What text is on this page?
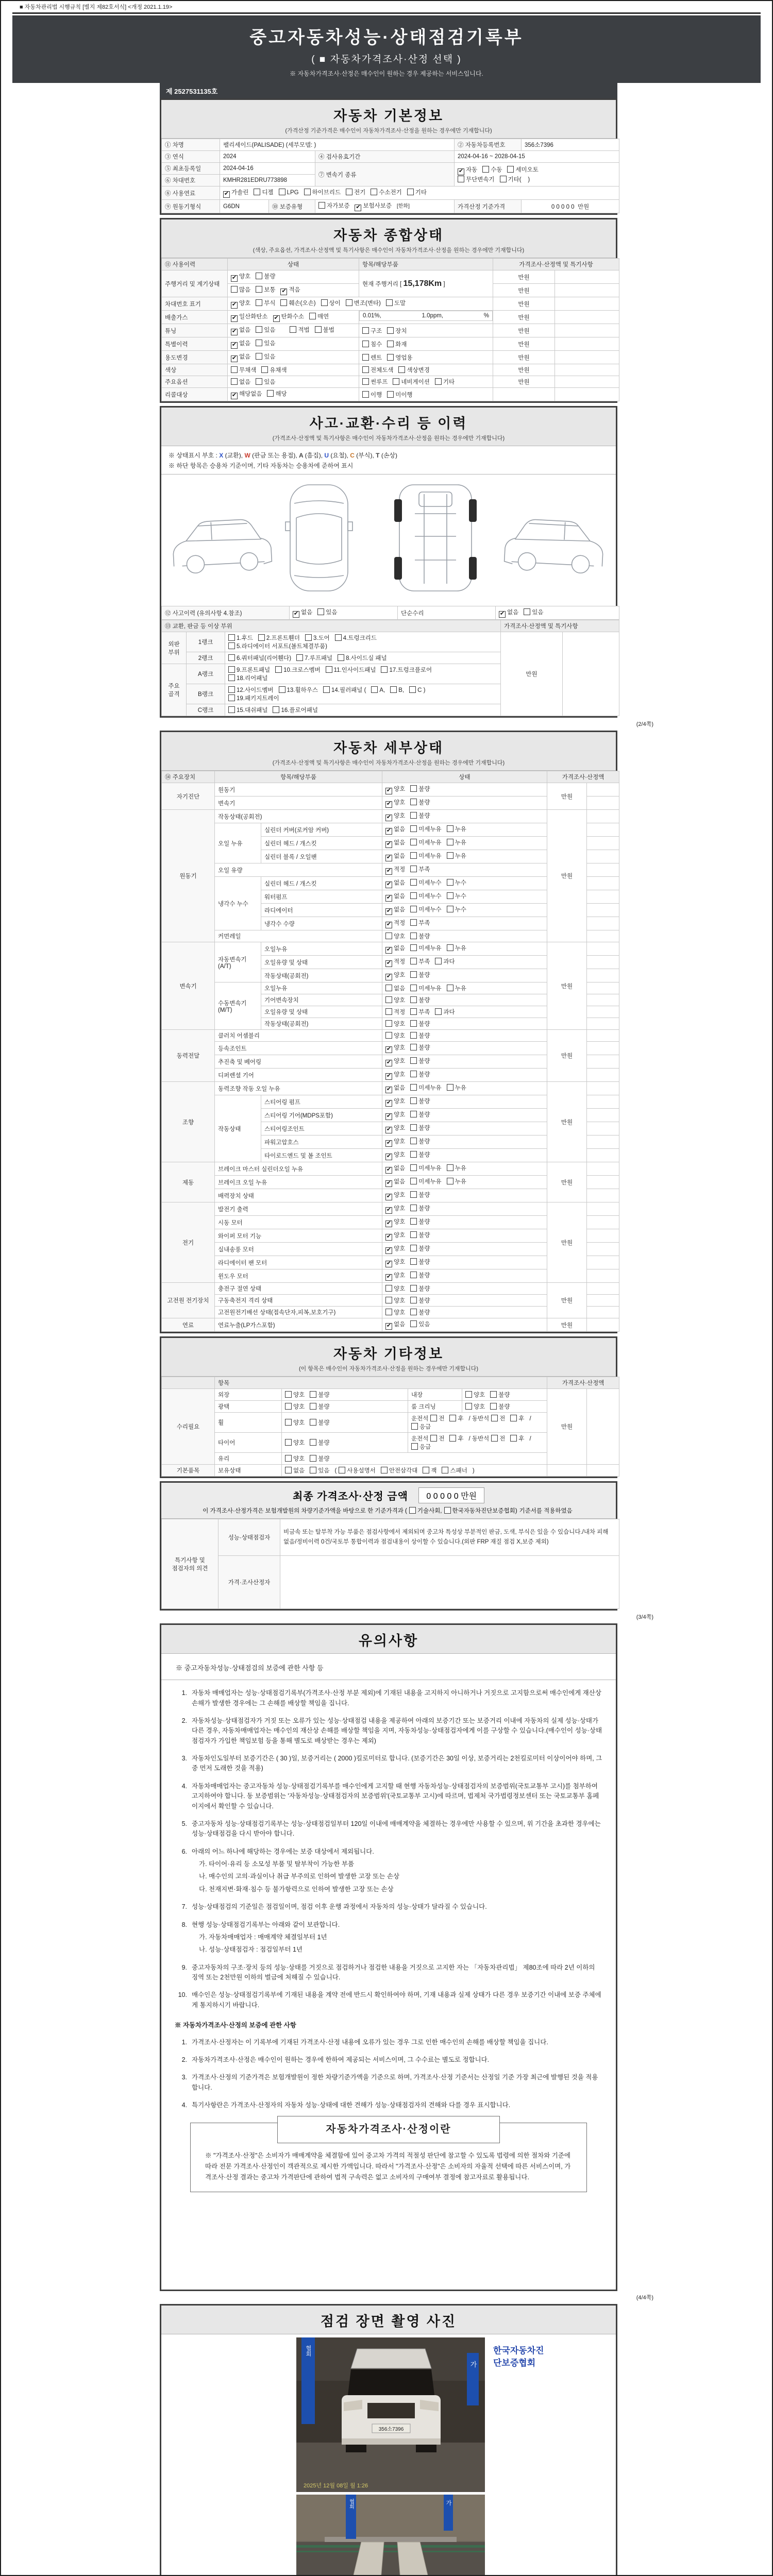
■ 자동차관리법 시행규칙 [별지 제82호서식] <개정 2021.1.19>
중고자동차성능·상태점검기록부
( ■ 자동차가격조사·산정 선택 )
※ 자동차가격조사·산정은 매수인이 원하는 경우 제공하는 서비스입니다.
제 2527531135호
자동차 기본정보
(가격산정 기준가격은 매수인이 자동차가격조사·산정을 원하는 경우에만 기재합니다)
① 차명	팰리세이드(PALISADE) (세부모델: )			② 자동차등록번호	356소7396
③ 연식	2024		④ 검사유효기간	2024-04-16 ~ 2028-04-15	
⑤ 최초등록일	2024-04-16		⑦ 변속기 종류	✔자동 수동 세미오토
무단변속기 기타(    )
⑥ 차대번호	KMHR281EDRU773898				
⑧ 사용연료	✔가솔린 디젤 LPG 하이브리드 전기 수소전기 기타
⑨ 원동기형식	G6DN	⑩ 보증유형	자가보증 ✔ 보험사보증 [한화]	가격산정 기준가격	0 0 0 0 0  만원
자동차 종합상태
(색상, 주요옵션, 가격조사·산정액 및 특기사항은 매수인이 자동차가격조사·산정을 원하는 경우에만 기재합니다)
⑪ 사용이력	상태	항목/해당부품	가격조사·산정액 및 특기사항	
주행거리 및 계기상태	✔양호 불량	현재 주행거리 [ 15,178Km ]	만원	
	많음 보통 ✔ 적음		만원	
차대번호 표기	✔양호 부식 훼손(오손) 상이 변조(변타) 도말		만원	
배출가스	✔일산화탄소 ✔ 탄화수소 매연		0.01%,	1.0ppm,	%	만원	
튜닝	✔없음 있음 적법 불법	구조 장치	만원	
특별이력	✔없음 있음	침수 화재	만원	
용도변경	✔없음 있음	렌트 영업용	만원	
색상	무채색 유채색	전체도색 색상변경	만원	
주요옵션	없음 있음	썬루프 네비게이션 기타	만원	
리콜대상	✔해당없음 해당	이행 미이행		
사고·교환·수리 등 이력
(가격조사·산정액 및 특기사항은 매수인이 자동차가격조사·산정을 원하는 경우에만 기재합니다)
※ 상태표시 부호 : X (교환), W (판금 또는 용접), A (흠집), U (요철), C (부식), T (손상)
※ 하단 항목은 승용차 기준이며, 기타 자동차는 승용차에 준하여 표시
⑫ 사고이력 (유의사항 4.참조)	✔없음 있음	단순수리	✔없음 있음
⑬ 교환, 판금 등 이상 부위			가격조사·산정액 및 특기사항	
외판 부위	1랭크	1.후드 2.프론트휀더 3.도어 4.트렁크리드
5.라디에이터 서포트(볼트체결부품)	만원	
	2랭크	6.쿼터패널(리어휀다) 7.루프패널 8.사이드실 패널		
주요 골격	A랭크	9.프론트패널 10.크로스멤버 11.인사이드패널 17.트렁크플로어
18.리어패널		
	B랭크	12.사이드멤버 13.휠하우스 14.필러패널 ( A, B, C )
19.패키지트레이		
	C랭크	15.대쉬패널 16.플로어패널		
(2/4쪽)
자동차 세부상태
(가격조사·산정액 및 특기사항은 매수인이 자동차가격조사·산정을 원하는 경우에만 기재합니다)
⑭ 주요장치	항목/해당부품		상태	가격조사·산정액	
자기진단	원동기	✔양호 불량	만원	
	변속기	✔양호 불량	
원동기	작동상태(공회전)	✔양호 불량	만원	
	오일 누유	실린더 커버(로커암 커버)	✔없음 미세누유 누유	
		실린더 헤드 / 개스킷	✔없음 미세누유 누유	
		실린더 블록 / 오일팬	✔없음 미세누유 누유	
	오일 유량	✔적정 부족	
	냉각수 누수	실린더 헤드 / 개스킷	✔없음 미세누수 누수	
		워터펌프	✔없음 미세누수 누수	
		라디에이터	✔없음 미세누수 누수	
		냉각수 수량	✔적정 부족	
	커먼레일		양호 불량		
변속기	자동변속기 (A/T)	오일누유	✔없음 미세누유 누유	만원	
		오일유량 및 상태	✔적정 부족 과다	
		작동상태(공회전)	✔양호 불량	
	수동변속기 (M/T)	오일누유	없음 미세누유 누유		
		기어변속장치	양호 불량		
		오일유량 및 상태	적정 부족 과다		
		작동상태(공회전)	양호 불량		
동력전달	클러치 어셈블리		양호 불량	만원	
	등속조인트	✔양호 불량	
	추진축 및 베어링	✔양호 불량	
	디퍼렌셜 기어	✔양호 불량	
조향	동력조향 작동 오일 누유	✔없음 미세누유 누유	만원	
	작동상태	스티어링 펌프	✔양호 불량	
		스티어링 기어(MDPS포함)	✔양호 불량	
		스티어링조인트	✔양호 불량	
		파워고압호스	✔양호 불량	
		타이로드엔드 및 볼 조인트	✔양호 불량	
제동	브레이크 마스터 실린더오일 누유	✔없음 미세누유 누유	만원	
	브레이크 오일 누유	✔없음 미세누유 누유	
	배력장치 상태	✔양호 불량	
전기	발전기 출력	✔양호 불량	만원	
	시동 모터	✔양호 불량	
	와이퍼 모터 기능	✔양호 불량	
	실내송풍 모터	✔양호 불량	
	라디에이터 팬 모터	✔양호 불량	
	윈도우 모터	✔양호 불량	
고전원 전기장치	충전구 절연 상태		양호 불량	만원	
	구동축전지 격리 상태		양호 불량		
	고전원전기배선 상태(접속단자,피복,보호기구)		양호 불량		
연료	연료누출(LP가스포함)	✔없음 있음	만원	
자동차 기타정보
(이 항목은 매수인이 자동차가격조사·산정을 원하는 경우에만 기재합니다)
	항목				가격조사·산정액	
수리필요	외장	양호 불량	내장	양호 불량	만원	
	광택	양호 불량	룸 크리닝	양호 불량		
	휠	양호 불량	운전석 전 후 / 동반석 전 후 /응급			
	타이어	양호 불량	운전석 전 후 / 동반석 전 후 /응급			
	유리	양호 불량				
기본품목	보유상태	없음 있음 ( 사용설명서 안전삼각대 잭 스패너 )				
최종 가격조사·산정 금액 0 0 0 0 0 만원
이 가격조사·산정가격은 보험개발원의 차량기준가액을 바탕으로 한 기준가격과 ( 기술사회, 한국자동차진단보증협회) 기준서를 적용하였음
특기사항 및 점검자의 의견	성능·상태점검자	비금속 또는 탈부착 가능 부품은 점검사항에서 제외되며 중고차 특성상 부분적인 판금, 도색, 부식은 있을 수 있습니다./내차 피해 없음/정비이력 0건/국토부 통합이력과 점검내용이 상이할 수 있습니다.(외판 FRP 재질 점검 X,보증 제외)
	가격·조사산정자	
(3/4쪽)
유의사항
※ 중고자동차성능·상태점검의 보증에 관한 사항 등
1. 자동차 매매업자는 성능·상태점검기록부(가격조사·산정 부분 제외)에 기재된 내용을 고지하지 아니하거나 거짓으로 고지함으로써 매수인에게 재산상 손해가 발생한 경우에는 그 손해를 배상할 책임을 집니다.
2. 자동차성능·상태점검자가 거짓 또는 오류가 있는 성능·상태점검 내용을 제공하여 아래의 보증기간 또는 보증거리 이내에 자동차의 실제 성능·상태가 다른 경우, 자동차매매업자는 매수인의 재산상 손해를 배상할 책임을 지며, 자동차성능·상태점검자에게 이를 구상할 수 있습니다.(매수인이 성능·상태점검자가 가입한 책임보험 등을 통해 별도로 배상받는 경우는 제외)
3. 자동차인도일부터 보증기간은 ( 30 )일, 보증거리는 ( 2000 )킬로미터로 합니다. (보증기간은 30일 이상, 보증거리는 2천킬로미터 이상이어야 하며, 그 중 먼저 도래한 것을 적용)
4. 자동차매매업자는 중고자동차 성능·상태점검기록부를 매수인에게 고지할 때 현행 자동차성능·상태점검자의 보증범위(국토교통부 고시)를 첨부하여 고지하여야 합니다. 동 보증범위는 '자동차성능·상태점검자의 보증범위'(국토교통부 고시)에 따르며, 법제처 국가법령정보센터 또는 국토교통부 홈페이지에서 확인할 수 있습니다.
5. 중고자동차 성능·상태점검기록부는 성능·상태점검일부터 120일 이내에 매매계약을 체결하는 경우에만 사용할 수 있으며, 위 기간을 초과한 경우에는 성능·상태점검을 다시 받아야 합니다.
6. 아래의 어느 하나에 해당하는 경우에는 보증 대상에서 제외됩니다.
가. 타이어·유리 등 소모성 부품 및 탈부착이 가능한 부품
나. 매수인의 고의·과실이나 취급 부주의로 인하여 발생한 고장 또는 손상
다. 천재지변·화재·침수 등 불가항력으로 인하여 발생한 고장 또는 손상
7. 성능·상태점검의 기준일은 점검일이며, 점검 이후 운행 과정에서 자동차의 성능·상태가 달라질 수 있습니다.
8. 현행 성능·상태점검기록부는 아래와 같이 보관합니다.
가. 자동차매매업자 : 매매계약 체결일부터 1년
나. 성능·상태점검자 : 점검일부터 1년
9. 중고자동차의 구조·장치 등의 성능·상태를 거짓으로 점검하거나 점검한 내용을 거짓으로 고지한 자는 「자동차관리법」 제80조에 따라 2년 이하의 징역 또는 2천만원 이하의 벌금에 처해질 수 있습니다.
10. 매수인은 성능·상태점검기록부에 기재된 내용을 계약 전에 반드시 확인하여야 하며, 기재 내용과 실제 상태가 다른 경우 보증기간 이내에 보증 주체에게 통지하시기 바랍니다.
※ 자동차가격조사·산정의 보증에 관한 사항
1. 가격조사·산정자는 이 기록부에 기재된 가격조사·산정 내용에 오류가 있는 경우 그로 인한 매수인의 손해를 배상할 책임을 집니다.
2. 자동차가격조사·산정은 매수인이 원하는 경우에 한하여 제공되는 서비스이며, 그 수수료는 별도로 정합니다.
3. 가격조사·산정의 기준가격은 보험개발원이 정한 차량기준가액을 기준으로 하며, 가격조사·산정 기준서는 산정일 기준 가장 최근에 발행된 것을 적용합니다.
4. 특기사항란은 가격조사·산정자의 자동차 성능·상태에 대한 견해가 성능·상태점검자의 견해와 다를 경우 표시합니다.
자동차가격조사·산정이란
※ "가격조사·산정"은 소비자가 매매계약을 체결함에 있어 중고차 가격의 적절성 판단에 참고할 수 있도록 법령에 의한 절차와 기준에 따라 전문 가격조사·산정인이 객관적으로 제시한 가액입니다. 따라서 "가격조사·산정"은 소비자의 자율적 선택에 따른 서비스이며, 가격조사·산정 결과는 중고차 가격판단에 관하여 법적 구속력은 없고 소비자의 구매여부 결정에 참고자료로 활용됩니다.
(4/4쪽)
점검 장면 촬영 사진
협회
가
356소7396
2025년 12월 08일 월 1:26
협회	가
한국자동차진단보증협회
